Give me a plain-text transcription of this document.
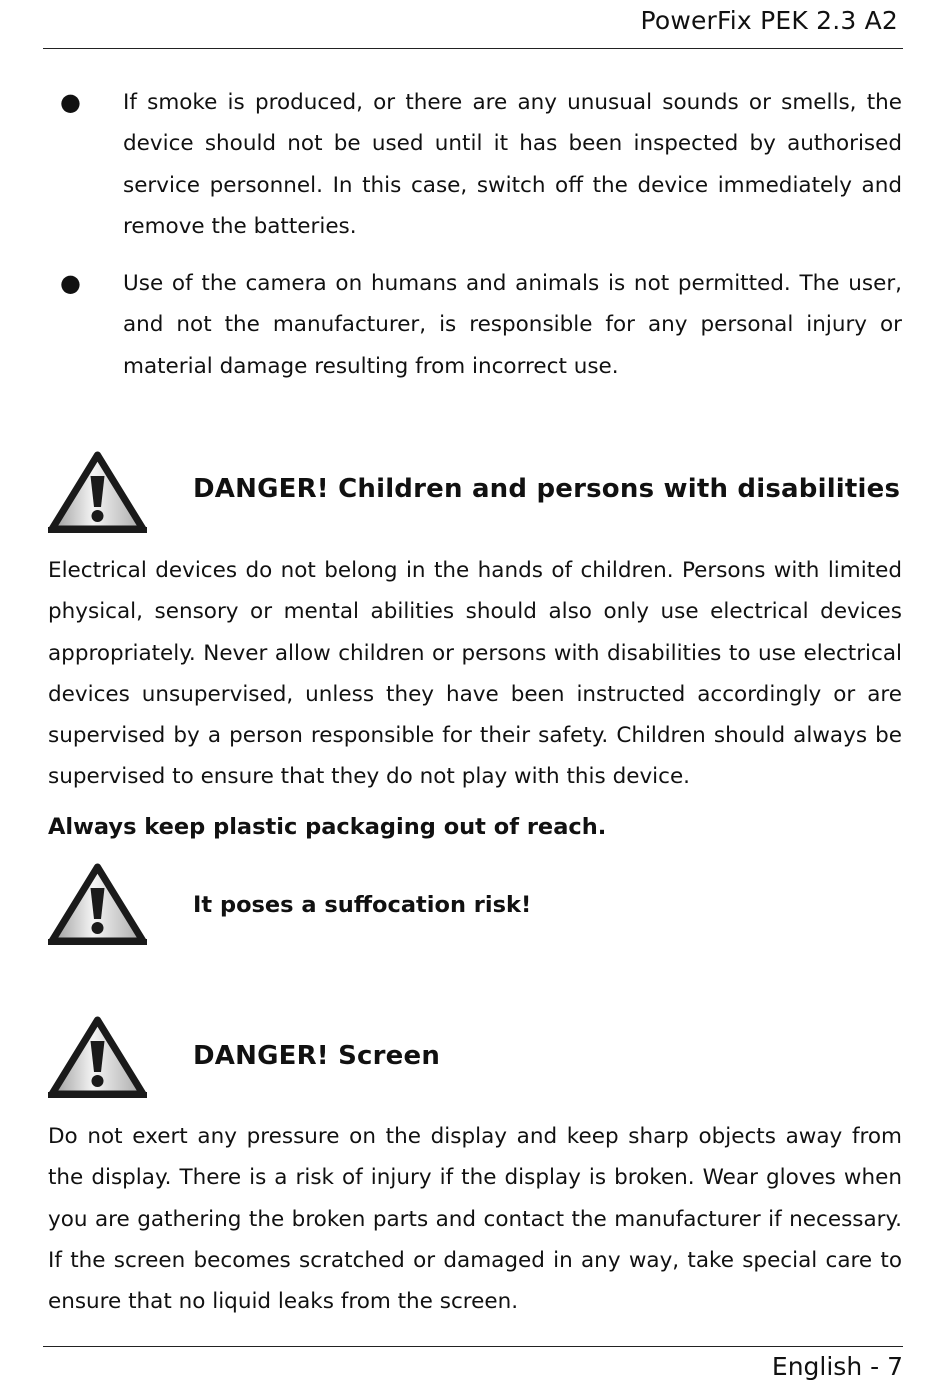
PowerFix PEK 2.3 A2
●	If smoke is produced, or there are any unusual sounds or smells, the device should not be used until it has been inspected by authorised service personnel. In this case, switch off the device immediately and remove the batteries.
●	Use of the camera on humans and animals is not permitted. The user, and not the manufacturer, is responsible for any personal injury or material damage resulting from incorrect use.
DANGER! Children and persons with disabilities
Electrical devices do not belong in the hands of children. Persons with limited physical, sensory or mental abilities should also only use electrical devices appropriately. Never allow children or persons with disabilities to use electrical devices unsupervised, unless they have been instructed accordingly or are supervised by a person responsible for their safety. Children should always be supervised to ensure that they do not play with this device.
Always keep plastic packaging out of reach.
It poses a suffocation risk!
DANGER! Screen
Do not exert any pressure on the display and keep sharp objects away from the display. There is a risk of injury if the display is broken. Wear gloves when you are gathering the broken parts and contact the manufacturer if necessary. If the screen becomes scratched or damaged in any way, take special care to ensure that no liquid leaks from the screen.
English - 7
